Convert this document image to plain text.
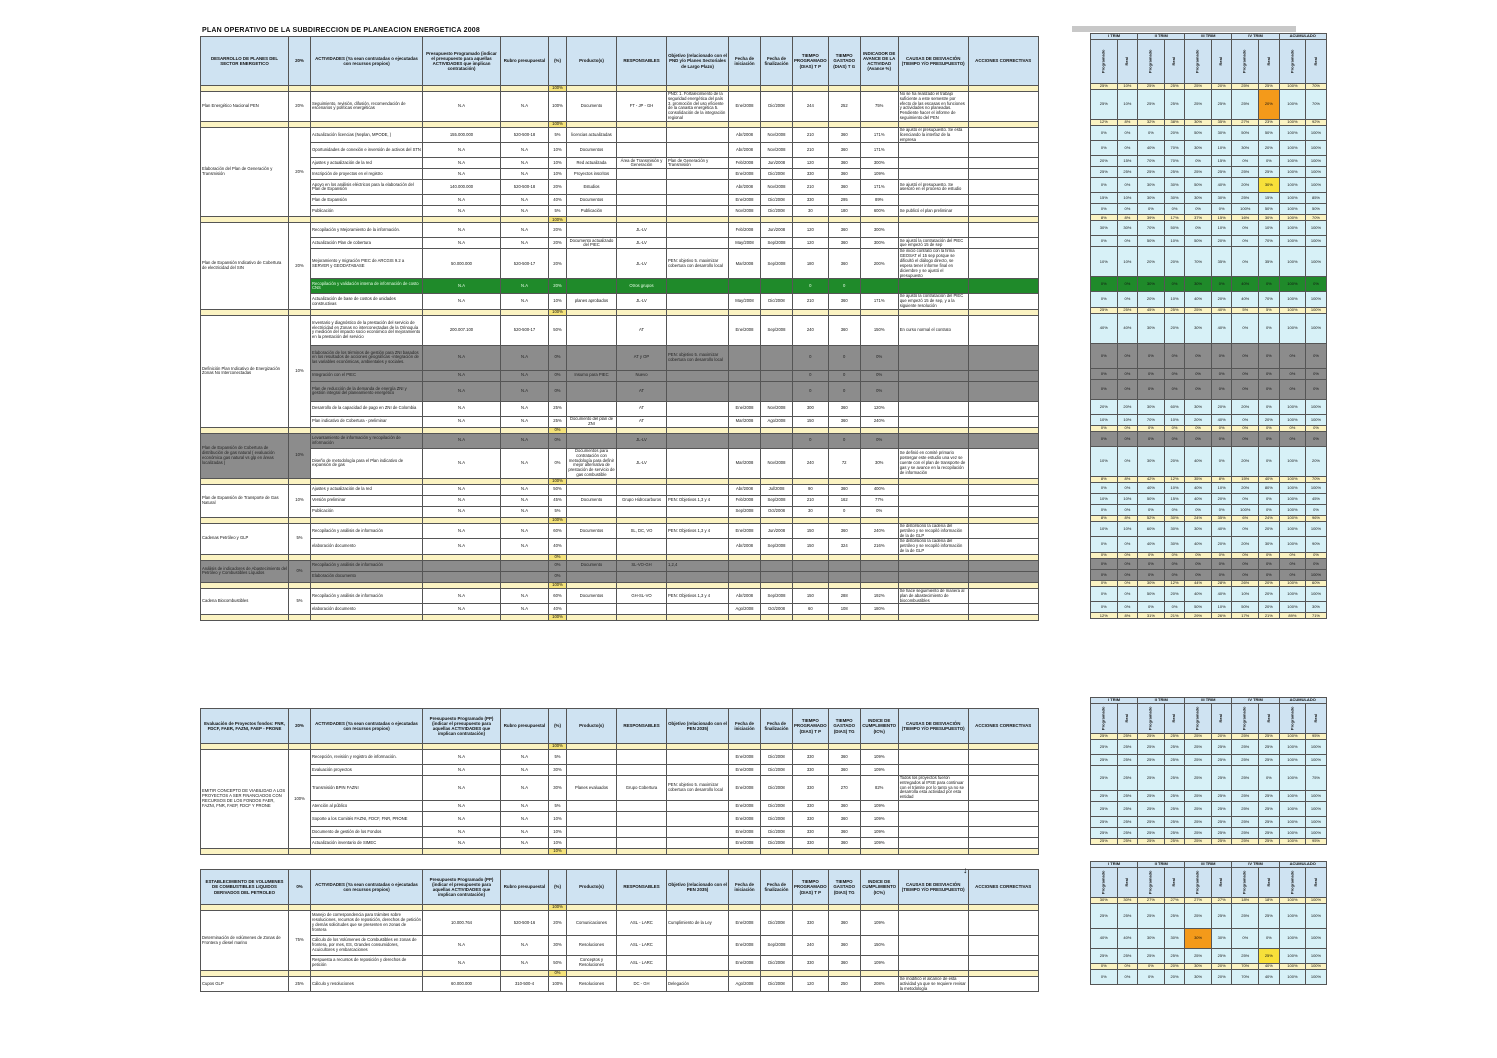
PLAN OPERATIVO DE LA SUBDIRECCION DE PLANEACION ENERGETICA 2008
DESARROLLO DE PLANES DEL SECTOR ENERGETICO	20%	ACTIVIDADES (Ya sean contratadas o ejecutadas con recursos propios)	Presupuesto Programado (indicar el presupuesto para aquellas ACTIVIDADES que implican contratación)	Rubro presupuestal	(%)	Producto(s)	RESPONSABLES	Objetivo (relacionado con el PND y/o Planes Sectoriales de Largo Plazo)	Fecha de iniciación	Fecha de finalización	TIEMPO PROGRAMADO (DIAS) T P	TIEMPO GASTADO (DIAS) T G	INDICADOR DE AVANCE DE LA ACTIVIDAD (Avance %)	CAUSAS DE DESVIACIÓN (TIEMPO Y/O PRESUPUESTO)	ACCIONES CORRECTIVAS
					100%										
Plan Energético Nacional PEN	20%	Seguimiento, revisión, difusión, recomendación de escenarios y políticas energéticas	N.A	N.A	100%	Documento	FT - JP - GH	PND: 1. Fortalecimiento de la seguridad energética del país 3. promoción del uso eficiente de la canasta energética 5. consolidación de la integración regional	Ene/2008	Dic/2008	244	252	75%	No se ha realizado el trabajo suficiente a este semestre por efecto de las escasas en funciones y actividades no planeadas. Pendiente hacer el informe de seguimiento del PEN	
					100%										
Elaboración del Plan de Generación y Transmisión	20%	Actualización licencias (Neplan, MPODE, )	155.000.000	520-500-18	5%	licencias actualizadas			Abr/2008	Nov/2008	210	360	171%	Se ajustó el presupuesto. Se está licenciando la interfaz de la empresa	
		Oportunidades de conexión e inversión de activos del STN	N.A	N.A	10%	Documentos			Abr/2008	Nov/2008	210	360	171%		
		Ajustes y actualización de la red	N.A	N.A	10%	Red actualizada	Área de Transmisión y Generación	Plan de Generación y Transmisión	Feb/2008	Jun/2008	120	360	300%		
		Inscripción de proyectos en el registro	N.A	N.A	10%	Proyectos inscritos			Ene/2008	Dic/2008	330	360	109%		
		Apoyo en los análisis eléctricos para la elaboración del Plan de Expansión	140.000.000	520-500-18	20%	Estudios			Abr/2008	Nov/2008	210	360	171%	Se ajustó el presupuesto. Se asesoró en el proceso de estudio	
		Plan de Expansión	N.A	N.A	40%	Documentos			Ene/2008	Dic/2008	330	295	89%		
		Publicación	N.A	N.A	5%	Publicación			Nov/2008	Dic/2008	30	180	600%	Se publicó el plan preliminar	
					100%										
Plan de Expansión Indicativo de Cobertura de electricidad del SIN	20%	Recopilación y Mejoramiento de la información.	N.A	N.A	20%		JL-LV		Feb/2008	Jun/2008	120	360	300%		
		Actualización Plan de cobertura	N.A	N.A	20%	Documento actualizado del PIEC	JL-LV		May/2008	Sep/2008	120	360	300%	Se ajustó la contratación del PIEC que empezó 15 de sep	
		Mejoramiento y migración PIEC de ARCGIS 9.2 a SERVER y GEODATABASE	50.000.000	520-500-17	20%		JL-LV	PEN: objetivo 5. maximizar cobertura con desarrollo local	Mar/2008	Sep/2008	180	360	200%	Se inició contrato con la firma GEOSAT el 15 sep porque se dificultó el diálogo directo, se espera tener informe final en diciembre y se ajustó el presupuesto	
		Recopilación y validación interna de información de costo CNS	N.A	N.A	20%		Otros grupos				0	0			
		Actualización de base de costos de unidades constructivas	N.A	N.A	10%	planes aprobados	JL-LV		May/2008	Dic/2008	210	360	171%	Se ajustó la contratación del PIEC que empezó 15 de sep, y a la siguiente resolución	
					100%										
Definición Plan Indicativo de Energización Zonas No Interconectadas	10%	Inventario y diagnóstico de la prestación del servicio de electricidad en Zonas no interconectadas de la Orinoquía y medición del impacto socio económico del mejoramiento en la prestación del servicio	200.007.100	520-500-17	50%		AT		Ene/2008	Sep/2008	240	360	150%	En curso normal el contrato	
		Elaboración de los términos de gestión para ZNI basados en los resultados de acciones geográficas -integración de las variables económicas, ambientales y sociales.	N.A	N.A	0%		AT y OP	PEN: objetivo 5. maximizar cobertura con desarrollo local			0	0	0%		
		Integración con el PIEC	N.A	N.A	0%	Insumo para PIEC	Nuevo				0	0	0%		
		Plan de reducción de la demanda de energía ZNI y gestión integral del planeamiento energético	N.A	N.A	0%		AT				0	0	0%		
		Desarrollo de la capacidad de pago en ZNI de Colombia	N.A	N.A	25%		AT		Ene/2008	Nov/2008	300	360	120%		
		Plan indicativo de Cobertura - preliminar	N.A	N.A	25%	Documento del plan de ZNI	AT		Mar/2008	Ago/2008	150	360	240%		
					0%										
Plan de Expansión de Cobertura de distribución de gas natural ( evaluación económica gas natural vs glp en áreas localizadas )	10%	Levantamiento de información y recopilación de información	N.A	N.A	0%		JL-LV				0	0	0%		
		Diseño de metodología para el Plan indicativo de expansión de gas	N.A	N.A	0%	Documentos para contratación con metodología para definir mejor alternativa de prestación de servicio de gas combustible	JL-LV		Mar/2008	Nov/2008	240	72	30%	Se definió en comité primario postergar este estudio una vez se cuente con el plan de transporte de gas y se avance en la recopilación de información	
					100%										
Plan de Expansión de Transporte de Gas Natural	10%	Ajustes y actualización de la red	N.A	N.A	50%				Abr/2008	Jul/2008	90	360	400%		
		Versión preliminar	N.A	N.A	45%	Documento	Grupo Hidrocarburos	PEN: Objetivos 1,3 y 4	Feb/2008	Sep/2008	210	162	77%		
		Publicación	N.A	N.A	5%				Sep/2008	Oct/2008	30	0	0%		
					100%										
Cadenas Petróleo y GLP	5%	Recopilación y análisis de información	N.A	N.A	60%	Documentos	SL, DC, VO	PEN: Objetivos 1,3 y 4	Ene/2008	Jun/2008	150	360	240%	Se distorsionó la cadena del petróleo y se recopiló información de la de GLP	
		elaboración documento	N.A	N.A	40%				Abr/2008	Sep/2008	150	324	216%	Se distorsionó la cadena del petróleo y se recopiló información de la de GLP	
					0%										
Análisis de indicadores de Abastecimiento del Petróleo y Combustibles Líquidos	0%	Recopilación y análisis de información			0%	Documento	SL-VO-GH	1,2,4							
		Elaboración documento			0%										
					100%										
Cadena Biocombustibles	5%	Recopilación y análisis de información	N.A	N.A	60%	Documentos	GH-SL-VO	PEN: Objetivos 1,3 y 4	Abr/2008	Sep/2008	150	288	192%	Se hace seguimiento de manera al plan de abastecimiento de biocombustibles	
		elaboración documento	N.A	N.A	40%				Ago/2008	Oct/2008	60	108	180%		
					100%										
Evaluación de Proyectos fondos: FNR, FDCF, FAER, FAZNI, FAEP - PRONE	20%	ACTIVIDADES (Ya sean contratadas o ejecutadas con recursos propios)	Presupuesto Programado (PP) (indicar el presupuesto para aquellas ACTIVIDADES que implican contratación)	Rubro presupuestal	(%)	Producto(s)	RESPONSABLES	Objetivo (relacionado con el PEN 2035)	Fecha de iniciación	Fecha de finalización	TIEMPO PROGRAMADO (DIAS) T P	TIEMPO GASTADO (DIAS) TG	INDICE DE CUMPLIMIENTO (IC%)	CAUSAS DE DESVIACIÓN (TIEMPO Y/O PRESUPUESTO)	ACCIONES CORRECTIVAS
					100%										
EMITIR CONCEPTO DE VIABILIDAD A LOS PROYECTOS A SER FINANCIADOS CON RECURSOS DE LOS FONDOS FAER, FAZNI, FNR, FAEP, FDCF Y PRONE	100%	Recepción, revisión y registro de información.	N.A	N.A	5%				Ene/2008	Dic/2008	330	360	109%		
		Evaluación proyectos	N.A	N.A	30%				Ene/2008	Dic/2008	330	360	109%		
		Transmisión BPIN FAZNI	N.A	N.A	30%	Planes evaluados	Grupo Cobertura	PEN: objetivo 5. maximizar cobertura con desarrollo local	Ene/2008	Dic/2008	330	270	82%	Todos los proyectos fueron entregados al IPSE para continuar con el trámite por lo tanto ya no se desarrolla esta actividad por esta entidad	
		Atención al público	N.A	N.A	5%				Ene/2008	Dic/2008	330	360	109%		
		Soporte a los Comités FAZNI, FDCF, FNR, PRONE	N.A	N.A	10%				Ene/2008	Dic/2008	330	360	109%		
		Documento de gestión de los Fondos	N.A	N.A	10%				Ene/2008	Dic/2008	330	360	109%		
		Actualización inventario de SIMEC	N.A	N.A	10%				Ene/2008	Dic/2008	330	360	109%		
					10%										
ESTABLECIMIENTO DE VOLUMENES DE COMBUSTIBLES LIQUIDOS DERIVADOS DEL PETROLEO	0%	ACTIVIDADES (Ya sean contratadas o ejecutadas con recursos propios)	Presupuesto Programado (PP) (indicar el presupuesto para aquellas ACTIVIDADES que implican contratación)	Rubro presupuestal	(%)	Producto(s)	RESPONSABLES	Objetivo (relacionado con el PEN 2035)	Fecha de iniciación	Fecha de finalización	TIEMPO PROGRAMADO (DIAS) T P	TIEMPO GASTADO (DIAS) TG	INDICE DE CUMPLIMIENTO (IC%)	CAUSAS DE DESVIACIÓN (TIEMPO Y/O PRESUPUESTO)	ACCIONES CORRECTIVAS
					100%										
Determinación de volúmenes de Zonas de Frontera y diesel marino	75%	Manejo de correspondencia para trámites sobre resoluciones, recursos de reposición, derechos de petición y demás solicitudes que se presenten en zonas de frontera	10.000.764	520-500-16	20%	Comunicaciones	ASL - LARC	Cumplimiento de la Ley	Ene/2008	Dic/2008	330	360	109%		
		Cálculo de los Volúmenes de Combustibles en zonas de frontera, por mes, ES, Grandes consumidores, Acuicultores y embarcaciones	N.A	N.A	30%	Resoluciones	ASL - LARC		Ene/2008	Sep/2008	240	360	150%		
		Respuesta a recursos de reposición y derechos de petición	N.A	N.A	50%	Conceptos y Resoluciones	ASL - LARC		Ene/2008	Dic/2008	330	360	109%		
					0%										
Cupos GLP	25%	Cálculo y resoluciones	60.000.000	310-500-4	100%	Resoluciones	DC - GH	Delegación	Ago/2008	Dic/2008	120	250	208%	Se modificó el alcance de esta actividad ya que se requiere revisar la metodología	
I TRIM		II TRIM		III TRIM		IV TRIM		ACUMULADO	
Programado	Real	Programado	Real	Programado	Real	Programado	Real	Programado	Real
25%	10%	25%	25%	25%	20%	25%	25%	100%	70%
25%	10%	25%	25%	25%	25%	25%	20%	100%	70%
12%	8%	32%	38%	30%	35%	27%	23%	100%	92%
0%	0%	0%	20%	50%	30%	50%	50%	100%	100%
0%	0%	40%	70%	30%	10%	30%	20%	100%	100%
20%	15%	70%	70%	0%	15%	0%	0%	100%	100%
25%	25%	25%	25%	25%	25%	25%	25%	100%	100%
0%	0%	30%	30%	50%	40%	20%	30%	100%	100%
15%	10%	30%	30%	30%	30%	25%	15%	100%	85%
0%	0%	0%	0%	0%	0%	100%	50%	100%	50%
8%	8%	39%	17%	37%	15%	16%	30%	100%	70%
30%	30%	70%	50%	0%	10%	0%	10%	100%	100%
0%	0%	50%	10%	50%	20%	0%	70%	100%	100%
10%	10%	20%	20%	70%	35%	0%	35%	100%	100%
0%	0%	30%	0%	30%	0%	40%	0%	100%	0%
0%	0%	20%	10%	40%	20%	40%	70%	100%	100%
25%	25%	45%	25%	25%	40%	5%	5%	100%	100%
40%	40%	30%	20%	30%	40%	0%	0%	100%	100%
0%	0%	0%	0%	0%	0%	0%	0%	0%	0%
0%	0%	0%	0%	0%	0%	0%	0%	0%	0%
0%	0%	0%	0%	0%	0%	0%	0%	0%	0%
20%	20%	30%	60%	30%	20%	20%	0%	100%	100%
10%	10%	70%	10%	20%	40%	0%	20%	100%	100%
0%	0%	0%	0%	0%	0%	0%	0%	0%	0%
0%	0%	0%	0%	0%	0%	0%	0%	0%	0%
10%	0%	30%	20%	40%	0%	20%	0%	100%	20%
8%	8%	42%	12%	35%	8%	15%	40%	100%	70%
0%	0%	40%	10%	40%	10%	20%	80%	100%	100%
10%	10%	50%	15%	40%	20%	0%	0%	100%	45%
0%	0%	0%	0%	0%	0%	100%	0%	100%	0%
8%	8%	52%	30%	24%	35%	6%	24%	100%	96%
10%	10%	60%	30%	30%	40%	0%	20%	100%	100%
0%	0%	40%	30%	40%	20%	20%	30%	100%	90%
0%	0%	0%	0%	0%	0%	0%	0%	0%	0%
0%	0%	0%	0%	0%	0%	0%	0%	0%	0%
0%	0%	0%	0%	0%	0%	0%	0%	0%	100%
0%	0%	30%	12%	44%	28%	26%	20%	100%	60%
0%	0%	50%	20%	40%	40%	10%	20%	100%	100%
0%	0%	0%	0%	50%	10%	50%	20%	100%	30%
12%	8%	31%	21%	29%	26%	17%	21%	89%	71%
I TRIM		II TRIM		III TRIM		IV TRIM		ACUMULADO	
Programado	Real	Programado	Real	Programado	Real	Programado	Real	Programado	Real
25%	25%	25%	25%	25%	20%	25%	25%	100%	95%
25%	25%	25%	25%	25%	25%	25%	25%	100%	100%
25%	25%	25%	25%	25%	25%	25%	25%	100%	100%
25%	25%	25%	25%	25%	25%	25%	0%	100%	75%
25%	25%	25%	25%	25%	25%	25%	25%	100%	100%
25%	25%	25%	25%	25%	25%	25%	25%	100%	100%
25%	25%	25%	25%	25%	25%	25%	25%	100%	100%
25%	25%	25%	25%	25%	25%	25%	25%	100%	100%
25%	25%	25%	25%	25%	25%	25%	25%	100%	95%
I TRIM		II TRIM		III TRIM		IV TRIM		ACUMULADO	
Programado	Real	Programado	Real	Programado	Real	Programado	Real	Programado	Real
30%	30%	27%	27%	27%	27%	18%	18%	100%	100%
25%	25%	25%	25%	25%	25%	25%	25%	100%	100%
40%	40%	30%	30%	30%	30%	0%	0%	100%	100%
25%	25%	25%	25%	25%	25%	25%	25%	100%	100%
0%	0%	0%	20%	30%	20%	70%	40%	100%	100%
0%	0%	0%	20%	30%	20%	70%	40%	100%	100%
↓
